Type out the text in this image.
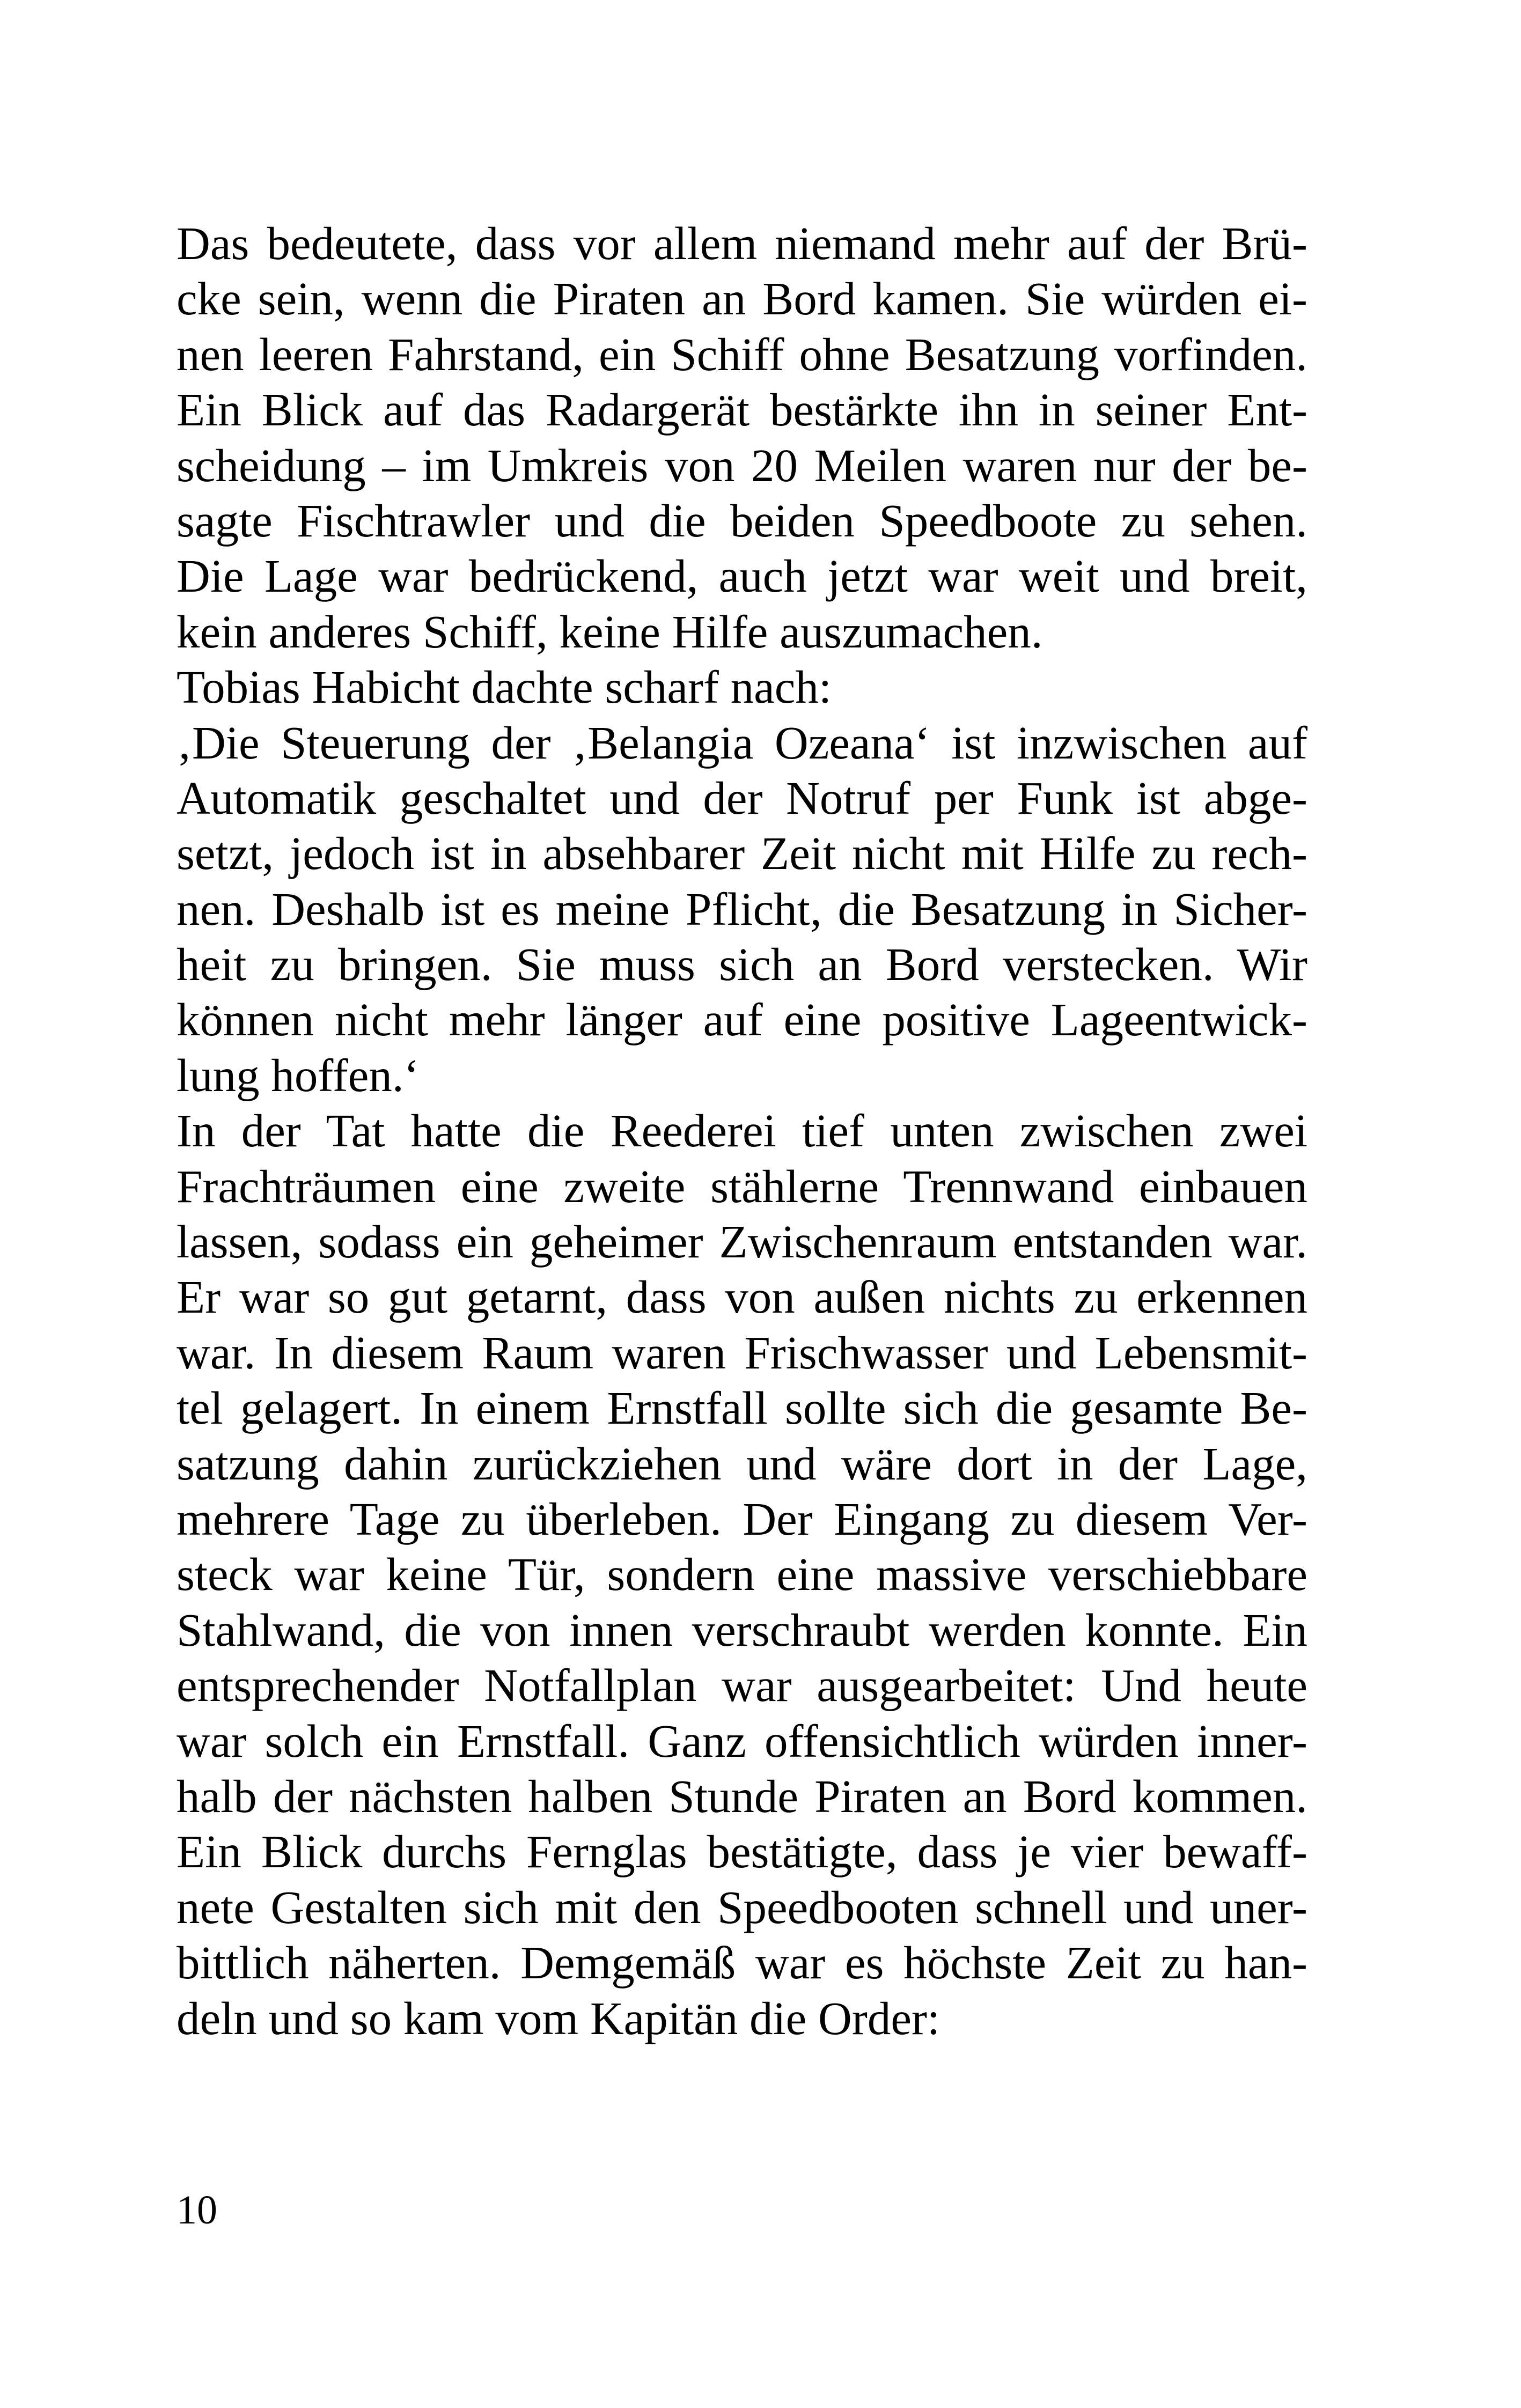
Das bedeutete, dass vor allem niemand mehr auf der Brü-
cke sein, wenn die Piraten an Bord kamen. Sie würden ei-
nen leeren Fahrstand, ein Schiff ohne Besatzung vorfinden.
Ein Blick auf das Radargerät bestärkte ihn in seiner Ent-
scheidung – im Umkreis von 20 Meilen waren nur der be-
sagte Fischtrawler und die beiden Speedboote zu sehen.
Die Lage war bedrückend, auch jetzt war weit und breit,
kein anderes Schiff, keine Hilfe auszumachen.
Tobias Habicht dachte scharf nach:
‚Die Steuerung der ‚Belangia Ozeana‘ ist inzwischen auf
Automatik geschaltet und der Notruf per Funk ist abge-
setzt, jedoch ist in absehbarer Zeit nicht mit Hilfe zu rech-
nen. Deshalb ist es meine Pflicht, die Besatzung in Sicher-
heit zu bringen. Sie muss sich an Bord verstecken. Wir
können nicht mehr länger auf eine positive Lageentwick-
lung hoffen.‘
In der Tat hatte die Reederei tief unten zwischen zwei
Frachträumen eine zweite stählerne Trennwand einbauen
lassen, sodass ein geheimer Zwischenraum entstanden war.
Er war so gut getarnt, dass von außen nichts zu erkennen
war. In diesem Raum waren Frischwasser und Lebensmit-
tel gelagert. In einem Ernstfall sollte sich die gesamte Be-
satzung dahin zurückziehen und wäre dort in der Lage,
mehrere Tage zu überleben. Der Eingang zu diesem Ver-
steck war keine Tür, sondern eine massive verschiebbare
Stahlwand, die von innen verschraubt werden konnte. Ein
entsprechender Notfallplan war ausgearbeitet: Und heute
war solch ein Ernstfall. Ganz offensichtlich würden inner-
halb der nächsten halben Stunde Piraten an Bord kommen.
Ein Blick durchs Fernglas bestätigte, dass je vier bewaff-
nete Gestalten sich mit den Speedbooten schnell und uner-
bittlich näherten. Demgemäß war es höchste Zeit zu han-
deln und so kam vom Kapitän die Order:
10
